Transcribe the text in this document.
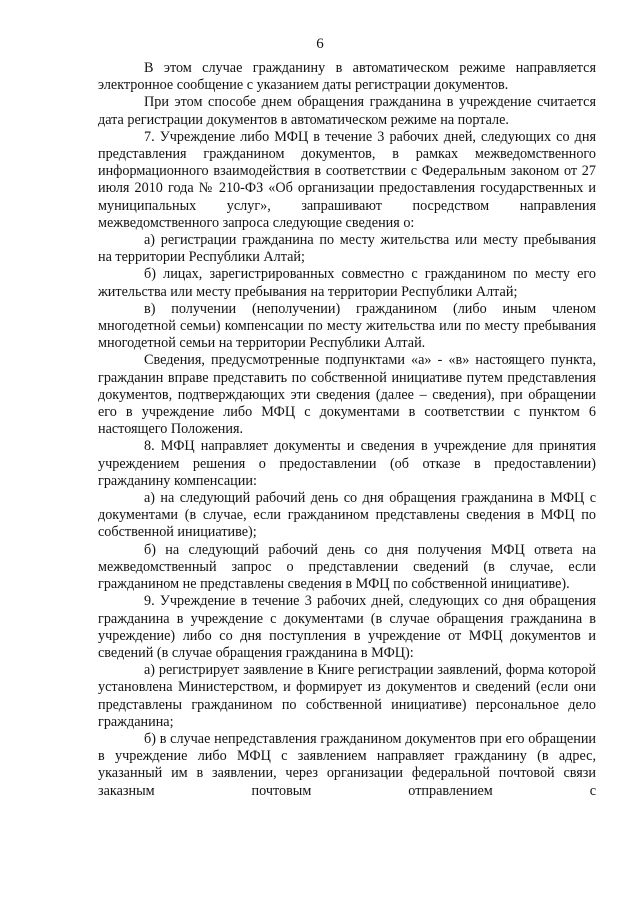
6

В этом случае гражданину в автоматическом режиме направляется электронное сообщение с указанием даты регистрации документов.

При этом способе днем обращения гражданина в учреждение считается дата регистрации документов в автоматическом режиме на портале.

7. Учреждение либо МФЦ в течение 3 рабочих дней, следующих со дня представления гражданином документов, в рамках межведомственного информационного взаимодействия в соответствии с Федеральным законом от 27 июля 2010 года № 210-ФЗ «Об организации предоставления государственных и муниципальных услуг», запрашивают посредством направления межведомственного запроса следующие сведения о:

а) регистрации гражданина по месту жительства или месту пребывания на территории Республики Алтай;

б) лицах, зарегистрированных совместно с гражданином по месту его жительства или месту пребывания на территории Республики Алтай;

в) получении (неполучении) гражданином (либо иным членом многодетной семьи) компенсации по месту жительства или по месту пребывания многодетной семьи на территории Республики Алтай.

Сведения, предусмотренные подпунктами «а» - «в» настоящего пункта, гражданин вправе представить по собственной инициативе путем представления документов, подтверждающих эти сведения (далее – сведения), при обращении его в учреждение либо МФЦ с документами в соответствии с пунктом 6 настоящего Положения.

8. МФЦ направляет документы и сведения в учреждение для принятия учреждением решения о предоставлении (об отказе в предоставлении) гражданину компенсации:

а) на следующий рабочий день со дня обращения гражданина в МФЦ с документами (в случае, если гражданином представлены сведения в МФЦ по собственной инициативе);

б) на следующий рабочий день со дня получения МФЦ ответа на межведомственный запрос о представлении сведений (в случае, если гражданином не представлены сведения в МФЦ по собственной инициативе).

9. Учреждение в течение 3 рабочих дней, следующих со дня обращения гражданина в учреждение с документами (в случае обращения гражданина в учреждение) либо со дня поступления в учреждение от МФЦ документов и сведений (в случае обращения гражданина в МФЦ):

а) регистрирует заявление в Книге регистрации заявлений, форма которой установлена Министерством, и формирует из документов и сведений (если они представлены гражданином по собственной инициативе) персональное дело гражданина;

б) в случае непредставления гражданином документов при его обращении в учреждение либо МФЦ с заявлением направляет гражданину (в адрес, указанный им в заявлении, через организации федеральной почтовой связи заказным почтовым отправлением с
